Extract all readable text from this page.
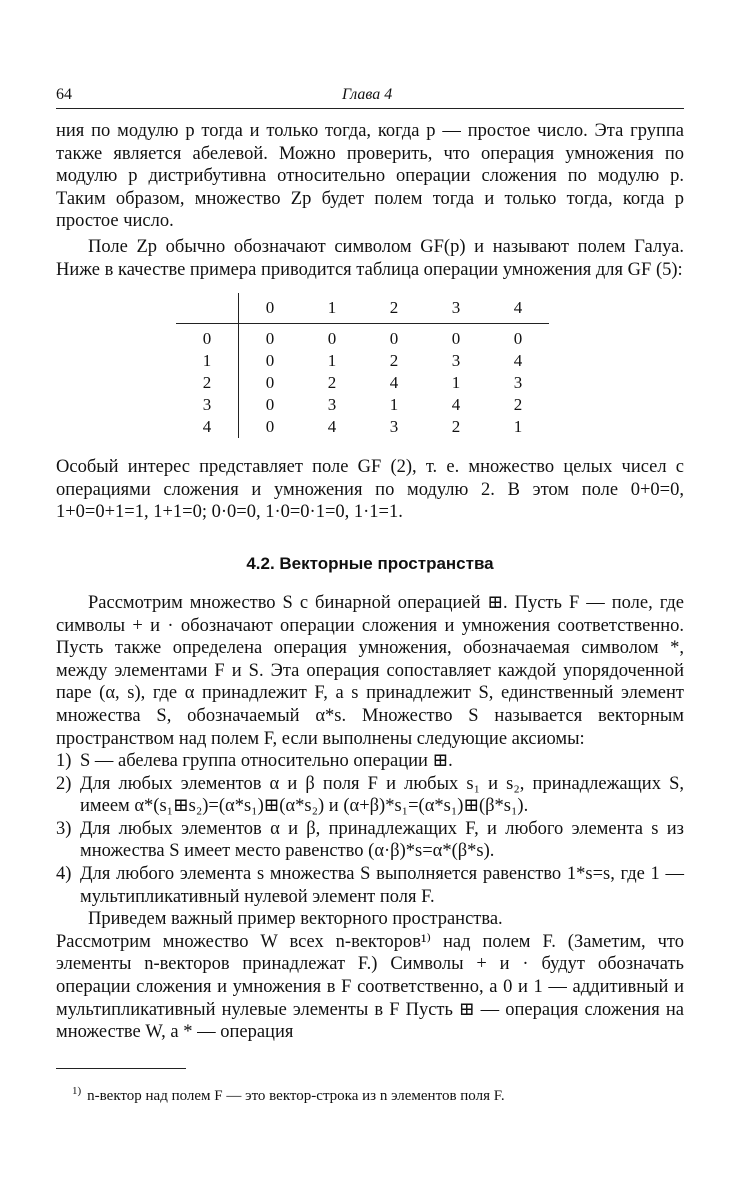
64	Глава 4

ния по модулю p тогда и только тогда, когда p — простое число. Эта группа также является абелевой. Можно проверить, что операция умножения по модулю p дистрибутивна относительно операции сложения по модулю p. Таким образом, множество Zp будет полем тогда и только тогда, когда p простое число.

Поле Zp обычно обозначают символом GF(p) и называют полем Галуа. Ниже в качестве примера приводится таблица операции умножения для GF (5):

	0	1	2	3	4
0	0	0	0	0	0
1	0	1	2	3	4
2	0	2	4	1	3
3	0	3	1	4	2
4	0	4	3	2	1

Особый интерес представляет поле GF (2), т. е. множество целых чисел с операциями сложения и умножения по модулю 2. В этом поле 0+0=0, 1+0=0+1=1, 1+1=0; 0·0=0, 1·0=0·1=0, 1·1=1.

4.2. Векторные пространства

Рассмотрим множество S с бинарной операцией ⊞. Пусть F — поле, где символы + и · обозначают операции сложения и умножения соответственно. Пусть также определена операция умножения, обозначаемая символом *, между элементами F и S. Эта операция сопоставляет каждой упорядоченной паре (α, s), где α принадлежит F, а s принадлежит S, единственный элемент множества S, обозначаемый α*s. Множество S называется векторным пространством над полем F, если выполнены следующие аксиомы:

1) S — абелева группа относительно операции ⊞.
2) Для любых элементов α и β поля F и любых s₁ и s₂, принадлежащих S, имеем α*(s₁⊞s₂)=(α*s₁)⊞(α*s₂) и (α+β)*s₁=(α*s₁)⊞(β*s₁).
3) Для любых элементов α и β, принадлежащих F, и любого элемента s из множества S имеет место равенство (α·β)*s=α*(β*s).
4) Для любого элемента s множества S выполняется равенство 1*s=s, где 1 — мультипликативный нулевой элемент поля F.

Приведем важный пример векторного пространства.

Рассмотрим множество W всех n-векторов¹⁾ над полем F. (Заметим, что элементы n-векторов принадлежат F.) Символы + и · будут обозначать операции сложения и умножения в F соответственно, а 0 и 1 — аддитивный и мультипликативный нулевые элементы в F Пусть ⊞ — операция сложения на множестве W, а * — операция

$^{1)}$ n-вектор над полем F — это вектор-строка из n элементов поля F.
